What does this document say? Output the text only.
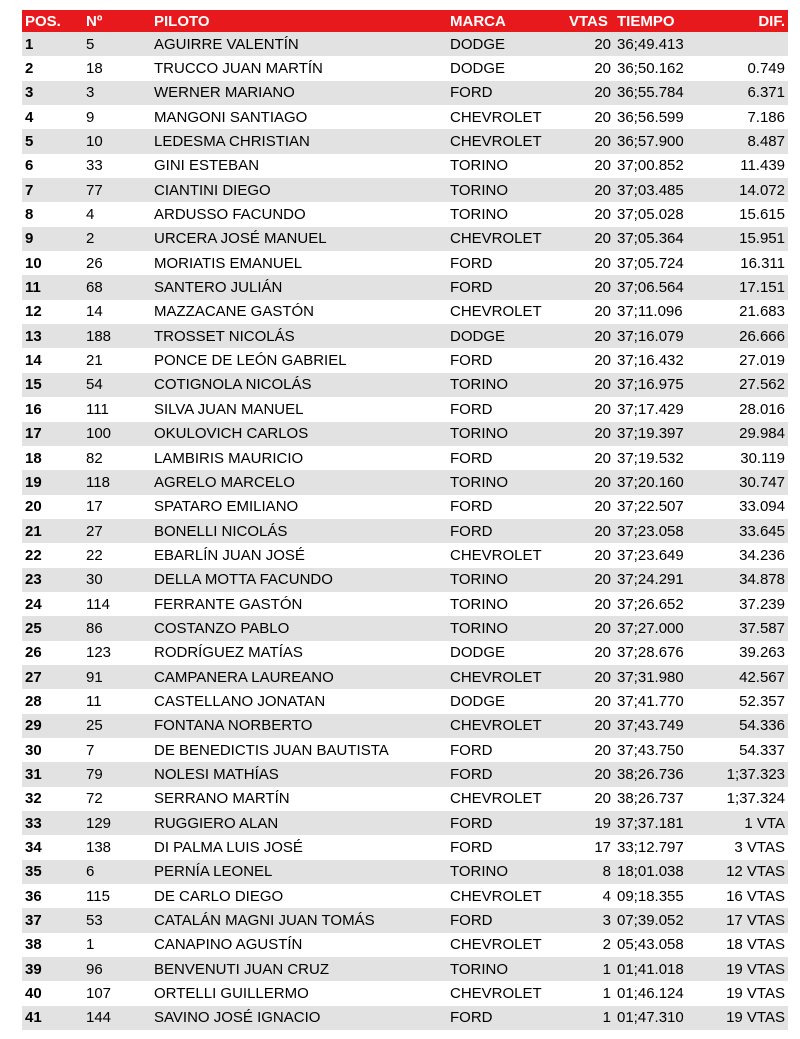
POS.	Nº	PILOTO	MARCA	VTAS	TIEMPO	DIF.
1	5	AGUIRRE VALENTÍN	DODGE	20	36;49.413	
2	18	TRUCCO JUAN MARTÍN	DODGE	20	36;50.162	0.749
3	3	WERNER MARIANO	FORD	20	36;55.784	6.371
4	9	MANGONI SANTIAGO	CHEVROLET	20	36;56.599	7.186
5	10	LEDESMA CHRISTIAN	CHEVROLET	20	36;57.900	8.487
6	33	GINI ESTEBAN	TORINO	20	37;00.852	11.439
7	77	CIANTINI DIEGO	TORINO	20	37;03.485	14.072
8	4	ARDUSSO FACUNDO	TORINO	20	37;05.028	15.615
9	2	URCERA JOSÉ MANUEL	CHEVROLET	20	37;05.364	15.951
10	26	MORIATIS EMANUEL	FORD	20	37;05.724	16.311
11	68	SANTERO JULIÁN	FORD	20	37;06.564	17.151
12	14	MAZZACANE GASTÓN	CHEVROLET	20	37;11.096	21.683
13	188	TROSSET NICOLÁS	DODGE	20	37;16.079	26.666
14	21	PONCE DE LEÓN GABRIEL	FORD	20	37;16.432	27.019
15	54	COTIGNOLA NICOLÁS	TORINO	20	37;16.975	27.562
16	111	SILVA JUAN MANUEL	FORD	20	37;17.429	28.016
17	100	OKULOVICH CARLOS	TORINO	20	37;19.397	29.984
18	82	LAMBIRIS MAURICIO	FORD	20	37;19.532	30.119
19	118	AGRELO MARCELO	TORINO	20	37;20.160	30.747
20	17	SPATARO EMILIANO	FORD	20	37;22.507	33.094
21	27	BONELLI NICOLÁS	FORD	20	37;23.058	33.645
22	22	EBARLÍN JUAN JOSÉ	CHEVROLET	20	37;23.649	34.236
23	30	DELLA MOTTA FACUNDO	TORINO	20	37;24.291	34.878
24	114	FERRANTE GASTÓN	TORINO	20	37;26.652	37.239
25	86	COSTANZO PABLO	TORINO	20	37;27.000	37.587
26	123	RODRÍGUEZ MATÍAS	DODGE	20	37;28.676	39.263
27	91	CAMPANERA LAUREANO	CHEVROLET	20	37;31.980	42.567
28	11	CASTELLANO JONATAN	DODGE	20	37;41.770	52.357
29	25	FONTANA NORBERTO	CHEVROLET	20	37;43.749	54.336
30	7	DE BENEDICTIS JUAN BAUTISTA	FORD	20	37;43.750	54.337
31	79	NOLESI MATHÍAS	FORD	20	38;26.736	1;37.323
32	72	SERRANO MARTÍN	CHEVROLET	20	38;26.737	1;37.324
33	129	RUGGIERO ALAN	FORD	19	37;37.181	1 VTA
34	138	DI PALMA LUIS JOSÉ	FORD	17	33;12.797	3 VTAS
35	6	PERNÍA LEONEL	TORINO	8	18;01.038	12 VTAS
36	115	DE CARLO DIEGO	CHEVROLET	4	09;18.355	16 VTAS
37	53	CATALÁN MAGNI JUAN TOMÁS	FORD	3	07;39.052	17 VTAS
38	1	CANAPINO AGUSTÍN	CHEVROLET	2	05;43.058	18 VTAS
39	96	BENVENUTI JUAN CRUZ	TORINO	1	01;41.018	19 VTAS
40	107	ORTELLI GUILLERMO	CHEVROLET	1	01;46.124	19 VTAS
41	144	SAVINO JOSÉ IGNACIO	FORD	1	01;47.310	19 VTAS
